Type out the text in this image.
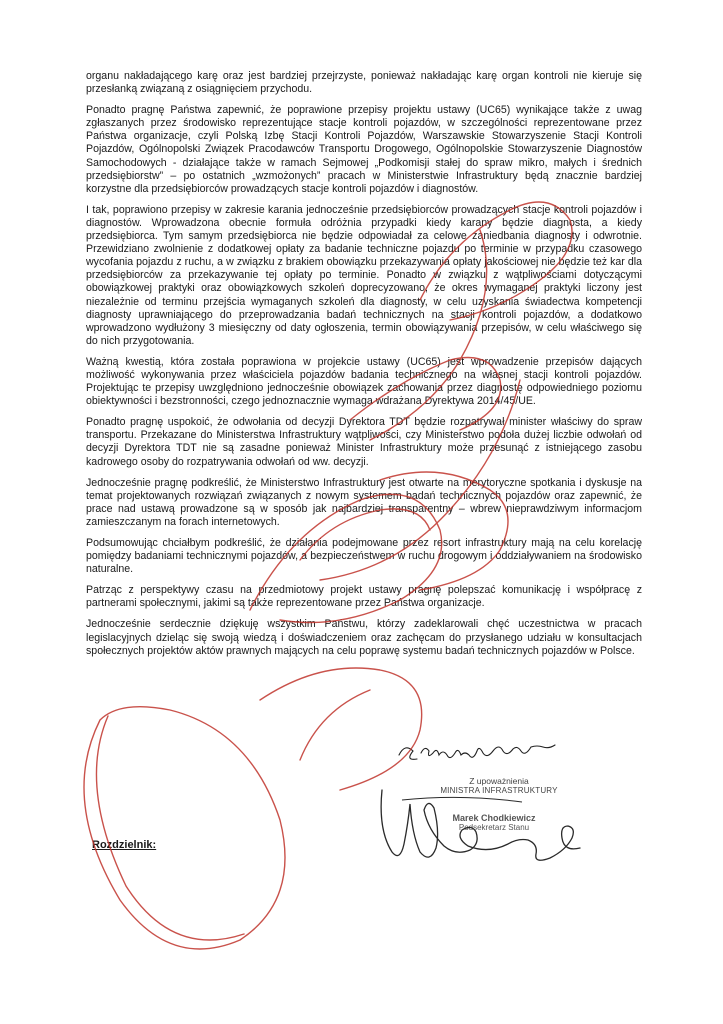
organu nakładającego karę oraz jest bardziej przejrzyste, ponieważ nakładając karę organ kontroli nie kieruje się przesłanką związaną z osiągnięciem przychodu.

Ponadto pragnę Państwa zapewnić, że poprawione przepisy projektu ustawy (UC65) wynikające także z uwag zgłaszanych przez środowisko reprezentujące stacje kontroli pojazdów, w szczególności reprezentowane przez Państwa organizacje, czyli Polską Izbę Stacji Kontroli Pojazdów, Warszawskie Stowarzyszenie Stacji Kontroli Pojazdów, Ogólnopolski Związek Pracodawców Transportu Drogowego, Ogólnopolskie Stowarzyszenie Diagnostów Samochodowych - działające także w ramach Sejmowej „Podkomisji stałej do spraw mikro, małych i średnich przedsiębiorstw” – po ostatnich „wzmożonych” pracach w Ministerstwie Infrastruktury będą znacznie bardziej korzystne dla przedsiębiorców prowadzących stacje kontroli pojazdów i diagnostów.

I tak, poprawiono przepisy w zakresie karania jednocześnie przedsiębiorców prowadzących stacje kontroli pojazdów i diagnostów. Wprowadzona obecnie formuła odróżnia przypadki kiedy karany będzie diagnosta, a kiedy przedsiębiorca. Tym samym przedsiębiorca nie będzie odpowiadał za celowe zaniedbania diagnosty i odwrotnie. Przewidziano zwolnienie z dodatkowej opłaty za badanie techniczne pojazdu po terminie w przypadku czasowego wycofania pojazdu z ruchu, a w związku z brakiem obowiązku przekazywania opłaty jakościowej nie będzie też kar dla przedsiębiorców za przekazywanie tej opłaty po terminie. Ponadto w związku z wątpliwościami dotyczącymi obowiązkowej praktyki oraz obowiązkowych szkoleń doprecyzowano, że okres wymaganej praktyki liczony jest niezależnie od terminu przejścia wymaganych szkoleń dla diagnosty, w celu uzyskania świadectwa kompetencji diagnosty uprawniającego do przeprowadzania badań technicznych na stacji kontroli pojazdów, a dodatkowo wprowadzono wydłużony 3 miesięczny od daty ogłoszenia, termin obowiązywania przepisów, w celu właściwego się do nich przygotowania.

Ważną kwestią, która została poprawiona w projekcie ustawy (UC65) jest wprowadzenie przepisów dających możliwość wykonywania przez właściciela pojazdów badania technicznego na własnej stacji kontroli pojazdów. Projektując te przepisy uwzględniono jednocześnie obowiązek zachowania przez diagnostę odpowiedniego poziomu obiektywności i bezstronności, czego jednoznacznie wymaga wdrażana Dyrektywa 2014/45/UE.

Ponadto pragnę uspokoić, że odwołania od decyzji Dyrektora TDT będzie rozpatrywał minister właściwy do spraw transportu. Przekazane do Ministerstwa Infrastruktury wątpliwości, czy Ministerstwo podoła dużej liczbie odwołań od decyzji Dyrektora TDT nie są zasadne ponieważ Minister Infrastruktury może przesunąć z istniejącego zasobu kadrowego osoby do rozpatrywania odwołań od ww. decyzji.

Jednocześnie pragnę podkreślić, że Ministerstwo Infrastruktury jest otwarte na merytoryczne spotkania i dyskusje na temat projektowanych rozwiązań związanych z nowym systemem badań technicznych pojazdów oraz zapewnić, że prace nad ustawą prowadzone są w sposób jak najbardziej transparentny – wbrew nieprawdziwym informacjom zamieszczanym na forach internetowych.

Podsumowując chciałbym podkreślić, że działania podejmowane przez resort infrastruktury mają na celu korelację pomiędzy badaniami technicznymi pojazdów, a bezpieczeństwem w ruchu drogowym i oddziaływaniem na środowisko naturalne.

Patrząc z perspektywy czasu na przedmiotowy projekt ustawy pragnę polepszać komunikację i współpracę z partnerami społecznymi, jakimi są także reprezentowane przez Państwa organizacje.

Jednocześnie serdecznie dziękuję wszystkim Państwu, którzy zadeklarowali chęć uczestnictwa w pracach legislacyjnych dzieląc się swoją wiedzą i doświadczeniem oraz zachęcam do przysłanego udziału w konsultacjach społecznych projektów aktów prawnych mających na celu poprawę systemu badań technicznych pojazdów w Polsce.

Z upoważnienia
MINISTRA INFRASTRUKTURY
Marek Chodkiewicz
Podsekretarz Stanu
Rozdzielnik:
